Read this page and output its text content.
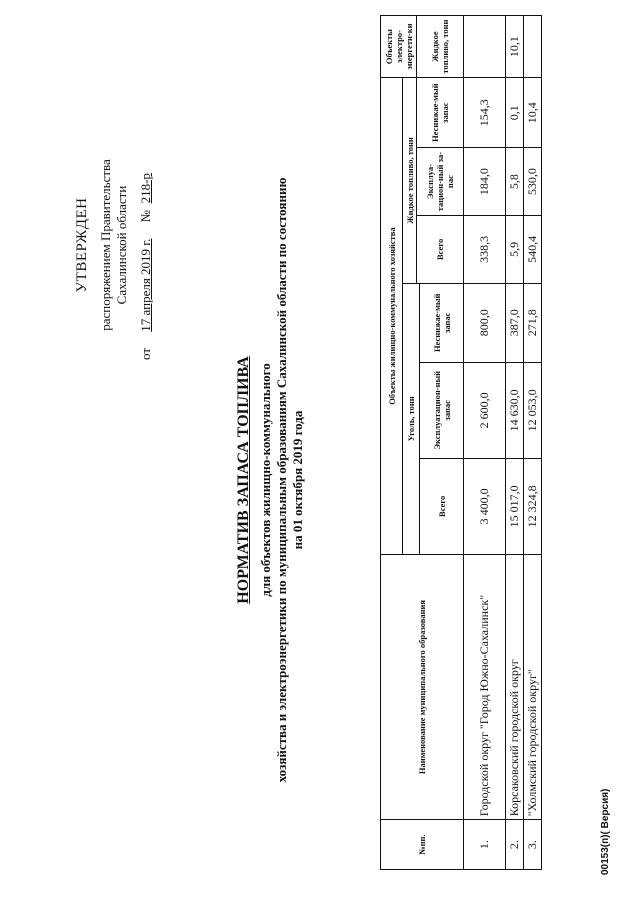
УТВЕРЖДЕН распоряжением Правительства Сахалинской области
от     17 апреля 2019 г.     №  218-р
НОРМАТИВ ЗАПАСА ТОПЛИВА для объектов жилищно-коммунального хозяйства и электроэнергетики по муниципальным образованиям Сахалинской области по состоянию на 01 октября 2019 года
№пп.	Наименование муниципального образования	Объекты жилищно-коммунального хозяйства						Объекты электро-энергети-ки
		Уголь, тонн			Жидкое топливо, тонн			
					Всего	Эксплуа-тацион-ный за-пас	Неснижае-мый запас	Жидкое топливо, тонн
		Всего	Эксплуатацион-ный запас	Неснижае-мый запас				
1.	Городской округ "Город Южно-Сахалинск"	3 400,0	2 600,0	800,0	338,3	184,0	154,3	
2.	Корсаковский городской округ	15 017,0	14 630,0	387,0	5,9	5,8	0,1	10,1
3.	"Холмский городской округ"	12 324,8	12 053,0	271,8	540,4	530,0	10,4	
00153(п)( Версия)
